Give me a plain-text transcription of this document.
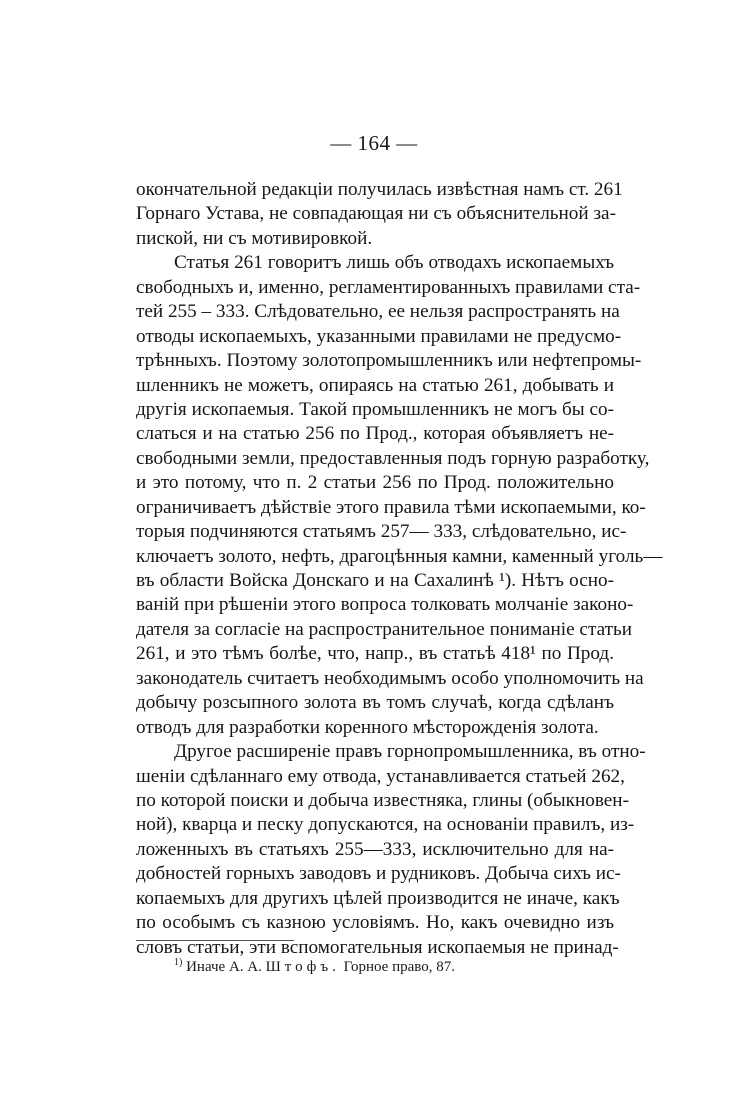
— 164 —
окончательной редакціи получилась извѣстная намъ ст. 261
Горнаго Устава, не совпадающая ни съ объяснительной за-
пиской, ни съ мотивировкой.
Статья 261 говоритъ лишь объ отводахъ ископаемыхъ
свободныхъ и, именно, регламентированныхъ правилами ста-
тей 255 – 333. Слѣдовательно, ее нельзя распространять на
отводы ископаемыхъ, указанными правилами не предусмо-
трѣнныхъ. Поэтому золотопромышленникъ или нефтепромы-
шленникъ не можетъ, опираясь на статью 261, добывать и
другія ископаемыя. Такой промышленникъ не могъ бы со-
слаться и на статью 256 по Прод., которая объявляетъ не-
свободными земли, предоставленныя подъ горную разработку,
и это потому, что п. 2 статьи 256 по Прод. положительно
ограничиваетъ дѣйствіе этого правила тѣми ископаемыми, ко-
торыя подчиняются статьямъ 257— 333, слѣдовательно, ис-
ключаетъ золото, нефть, драгоцѣнныя камни, каменный уголь—
въ области Войска Донскаго и на Сахалинѣ ¹). Нѣтъ осно-
ваній при рѣшеніи этого вопроса толковать молчаніе законо-
дателя за согласіе на распространительное пониманіе статьи
261, и это тѣмъ болѣе, что, напр., въ статьѣ 418¹ по Прод.
законодатель считаетъ необходимымъ особо уполномочить на
добычу розсыпного золота въ томъ случаѣ, когда сдѣланъ
отводъ для разработки коренного мѣсторожденія золота.
Другое расширеніе правъ горнопромышленника, въ отно-
шеніи сдѣланнаго ему отвода, устанавливается статьей 262,
по которой поиски и добыча известняка, глины (обыкновен-
ной), кварца и песку допускаются, на основаніи правилъ, из-
ложенныхъ въ статьяхъ 255—333, исключительно для на-
добностей горныхъ заводовъ и рудниковъ. Добыча сихъ ис-
копаемыхъ для другихъ цѣлей производится не иначе, какъ
по особымъ съ казною условіямъ. Но, какъ очевидно изъ
словъ статьи, эти вспомогательныя ископаемыя не принад-
$^{1)}$ Иначе А. А. Штофъ. Горное право, 87.
